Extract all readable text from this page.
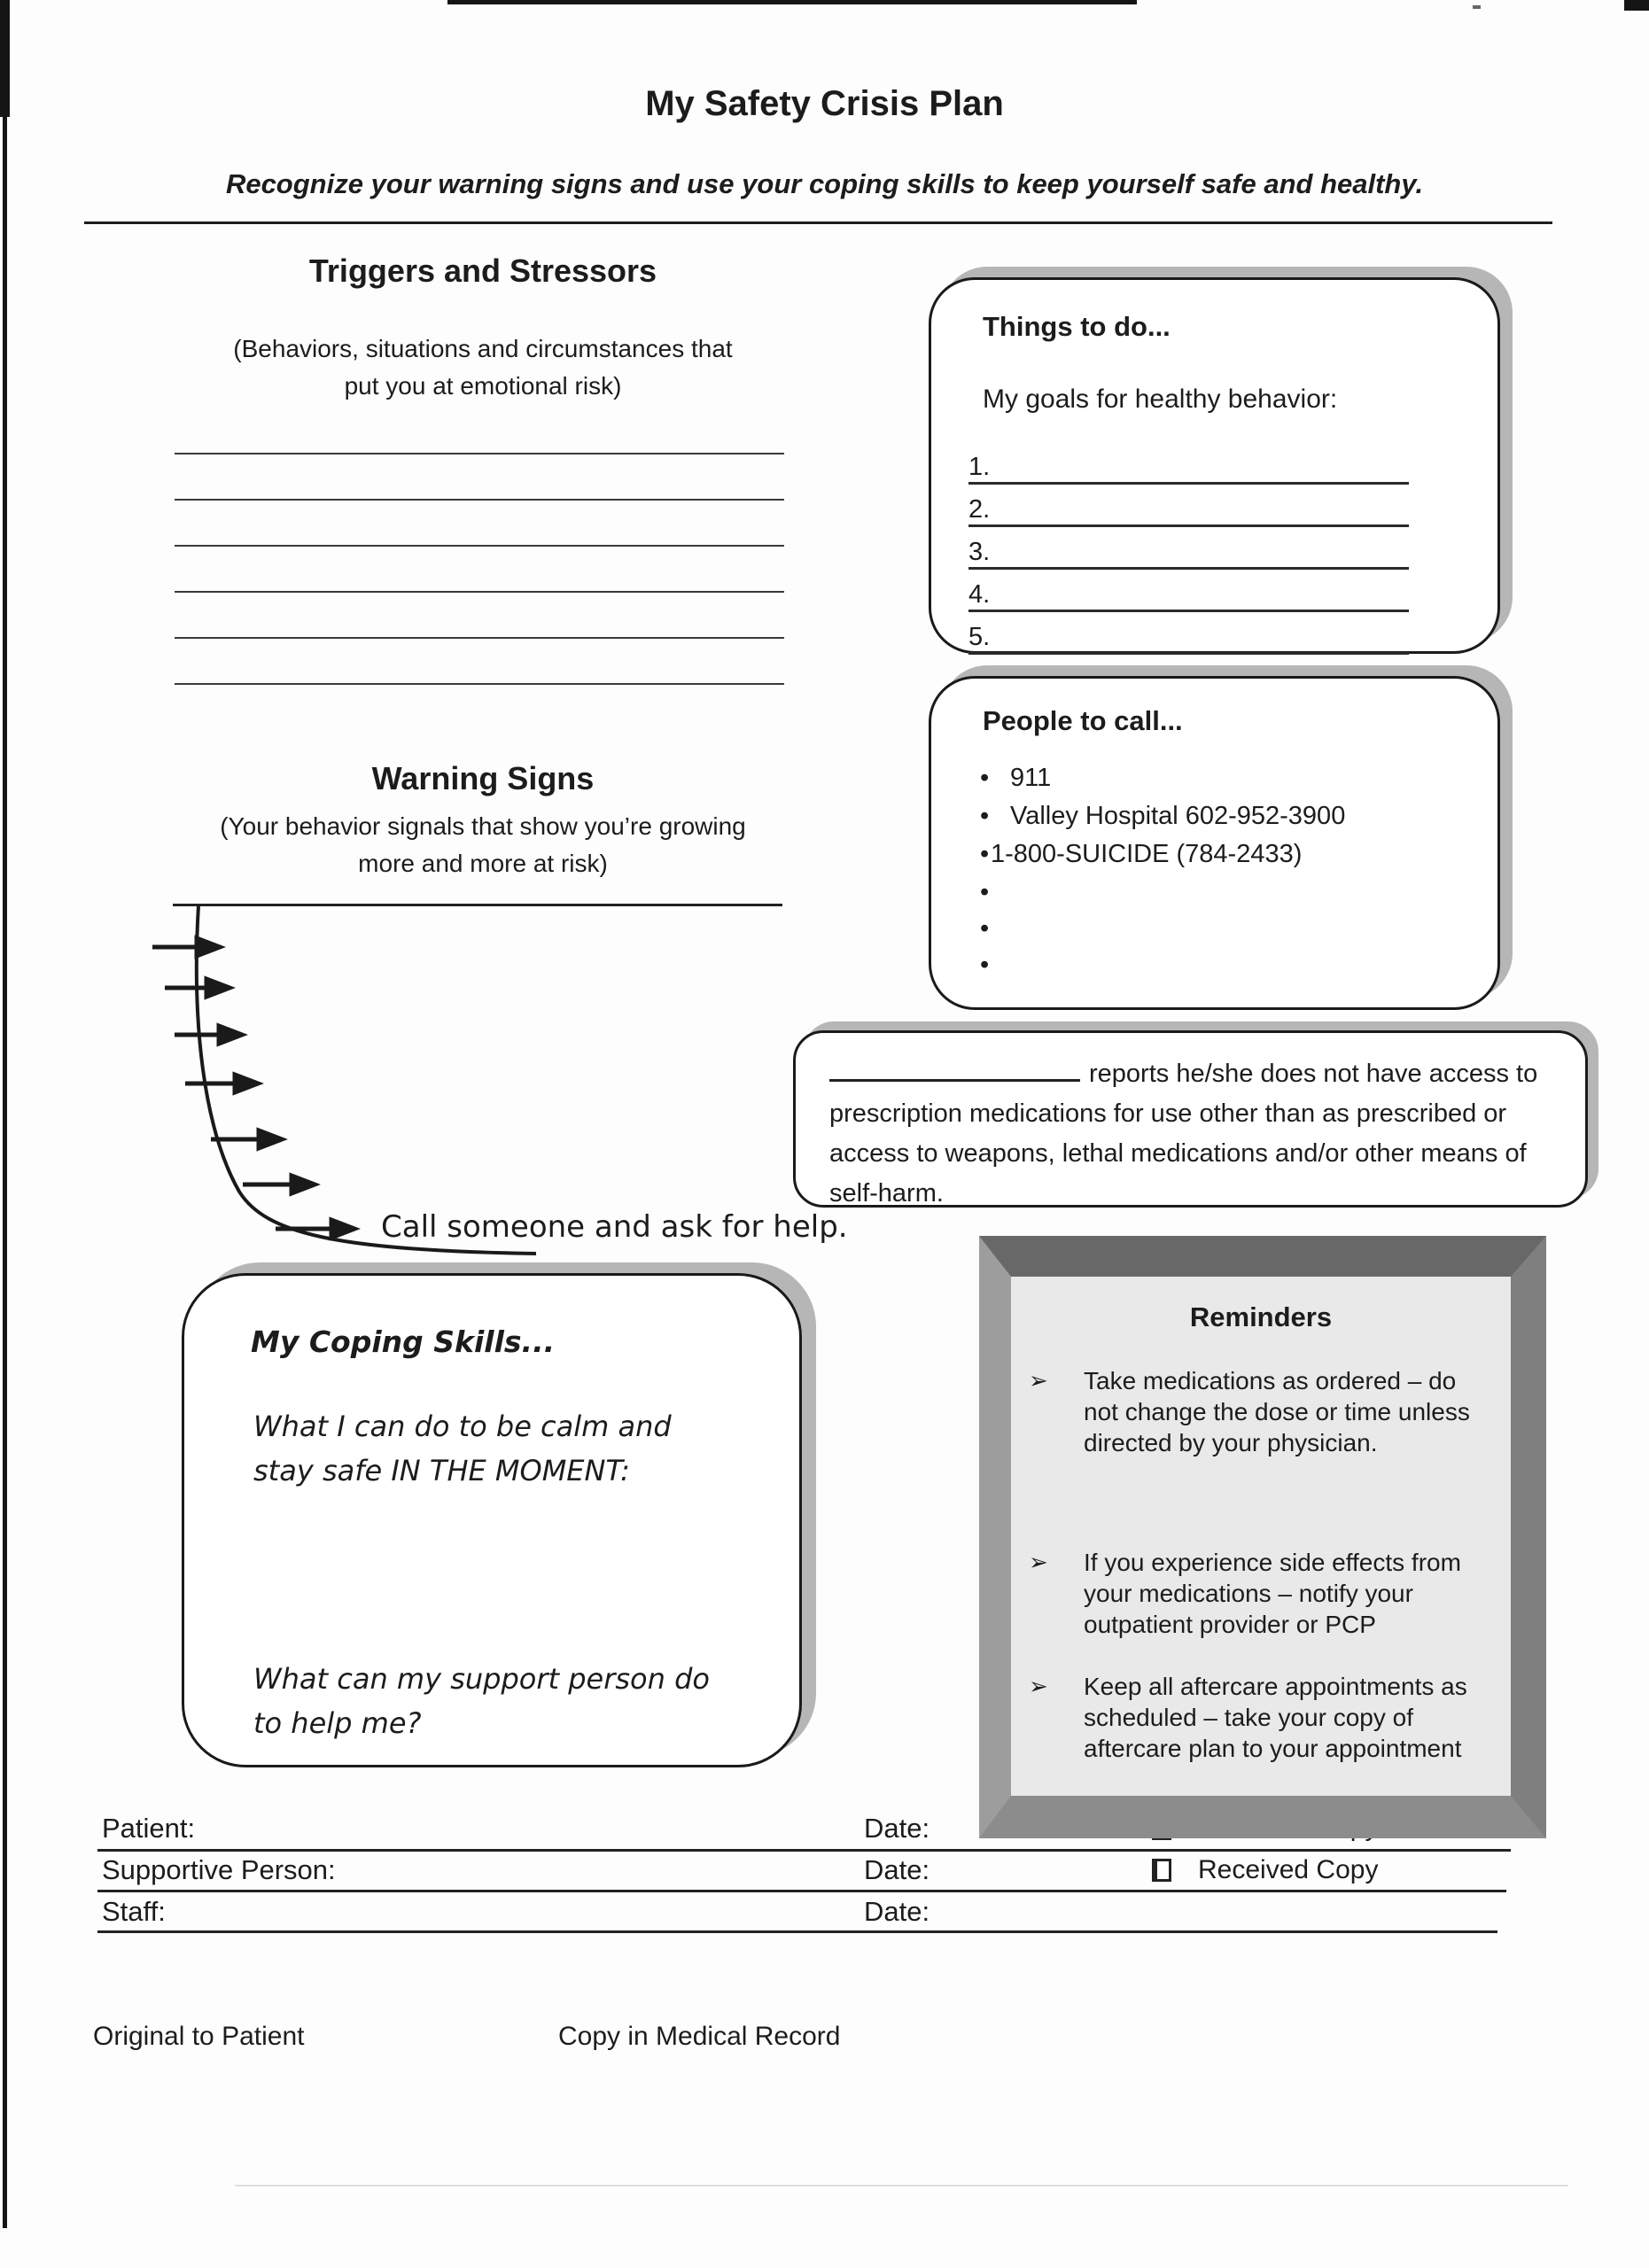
My Safety Crisis Plan
Recognize your warning signs and use your coping skills to keep yourself safe and healthy.
Triggers and Stressors
(Behaviors, situations and circumstances that
put you at emotional risk)
Things to do...
My goals for healthy behavior:
1.
2.
3.
4.
5.
People to call...
• 911
• Valley Hospital 602-952-3900
•1-800-SUICIDE (784-2433)
•
•
•
Warning Signs
(Your behavior signals that show you’re growing
more and more at risk)
Call someone and ask for help.
reports he/she does not have access to
prescription medications for use other than as prescribed or
access to weapons, lethal medications and/or other means of
self-harm.
My Coping Skills...
What I can do to be calm and stay safe IN THE MOMENT:
What can my support person do to help me?
Reminders
➢ Take medications as ordered – do not change the dose or time unless directed by your physician.
➢ If you experience side effects from your medications – notify your outpatient provider or PCP
➢ Keep all aftercare appointments as scheduled – take your copy of aftercare plan to your appointment
Patient:	Date:
Supportive Person:	Date:	Received Copy
Staff:	Date:
Original to Patient	Copy in Medical Record
